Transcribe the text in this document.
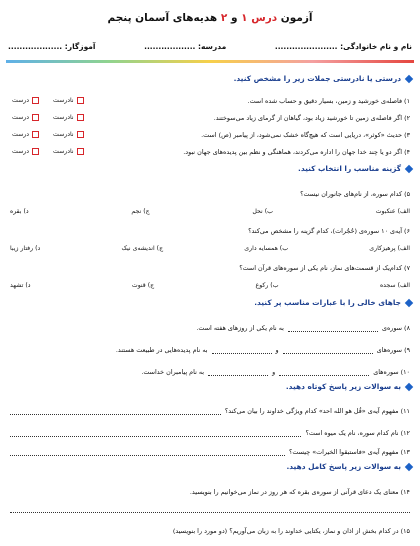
آزمون درس ۱ و ۲ هدیه‌های آسمان پنجم
نام و نام خانوادگی: ......................
مدرسه: ..................
آموزگار: ...................
درستی یا نادرستی جملات زیر را مشخص کنید.
۱) فاصله‌ی خورشید و زمین، بسیار دقیق و حساب شده است.
نادرست
درست
۲) اگر فاصله‌ی زمین تا خورشید زیاد بود، گیاهان از گرمای زیاد می‌سوختند.
نادرست
درست
۳) حدیث «کوثر»، دریایی است که هیچ‌گاه خشک نمی‌شود، از پیامبر (ص) است.
نادرست
درست
۴) اگر دو یا چند خدا جهان را اداره می‌کردند، هماهنگی و نظم بین پدیده‌های جهان نبود.
نادرست
درست
گزینه مناسب را انتخاب کنید.
۵) کدام سوره، از نام‌های جانوران نیست؟
الف) عنکبوت
ب) نحل
ج) نجم
د) بقره
۶) آیه‌ی ۱۰ سوره‌ی (حُجُرات)، کدام گزینه را مشخص می‌کند؟
الف) پرهیزکاری
ب) همسایه داری
ج) اندیشه‌ی نیک
د) رفتار زیبا
۷) کدام‌یک از قسمت‌های نماز، نام یکی از سوره‌های قرآن است؟
الف) سجده
ب) رکوع
ج) قنوت
د) تشهد
جاهای خالی را با عبارات مناسب پر کنید.
۸) سوره‌ی
به نام یکی از روزهای هفته است.
۹) سوره‌های
و
به نام پدیده‌هایی در طبیعت هستند.
۱۰) سوره‌های
و
به نام پیامبران خداست.
به سوالات زیر پاسخ کوتاه دهید.
۱۱) مفهوم آیه‌ی «قُل هو الله احد» کدام ویژگی خداوند را بیان می‌کند؟
۱۲) نام کدام سوره، نام یک میوه است؟
۱۳) مفهوم آیه‌ی «فاستبقوا الخیرات» چیست؟
به سوالات زیر پاسخ کامل دهید.
۱۴) معنای یک دعای قرآنی از سوره‌ی بقره که هر روز در نماز می‌خوانیم را بنویسید.
۱۵) در کدام بخش از اذان و نماز، یکتایی خداوند را به زبان می‌آوریم؟ (دو مورد را بنویسید)
